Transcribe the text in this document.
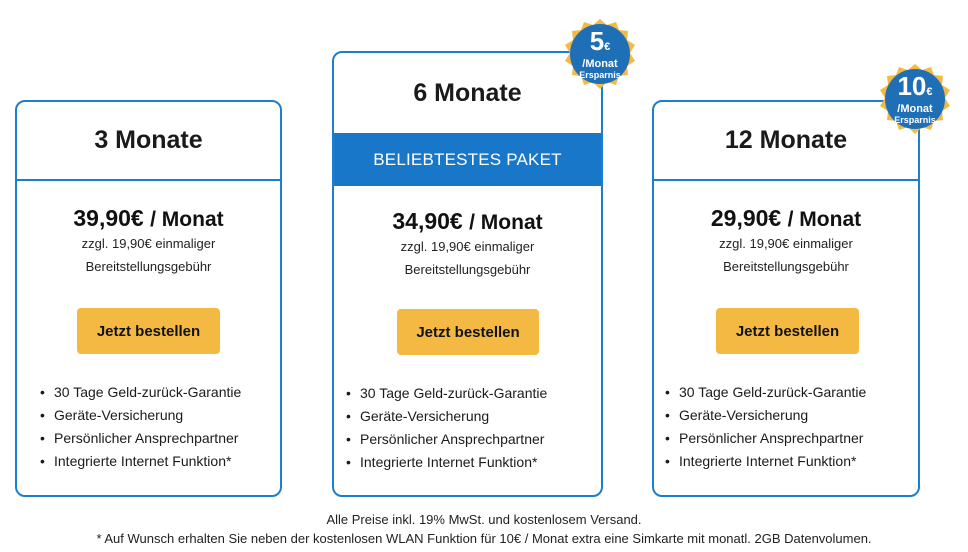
3 Monate
39,90€ / Monat
zzgl. 19,90€ einmaliger
Bereitstellungsgebühr
Jetzt bestellen
• 30 Tage Geld-zurück-Garantie
• Geräte-Versicherung
• Persönlicher Ansprechpartner
• Integrierte Internet Funktion*
6 Monate
BELIEBTESTES PAKET
34,90€ / Monat
zzgl. 19,90€ einmaliger
Bereitstellungsgebühr
Jetzt bestellen
• 30 Tage Geld-zurück-Garantie
• Geräte-Versicherung
• Persönlicher Ansprechpartner
• Integrierte Internet Funktion*
12 Monate
29,90€ / Monat
zzgl. 19,90€ einmaliger
Bereitstellungsgebühr
Jetzt bestellen
• 30 Tage Geld-zurück-Garantie
• Geräte-Versicherung
• Persönlicher Ansprechpartner
• Integrierte Internet Funktion*
5€
/Monat
Ersparnis	10€
/Monat
Ersparnis
Alle Preise inkl. 19% MwSt. und kostenlosem Versand.
* Auf Wunsch erhalten Sie neben der kostenlosen WLAN Funktion für 10€ / Monat extra eine Simkarte mit monatl. 2GB Datenvolumen.
